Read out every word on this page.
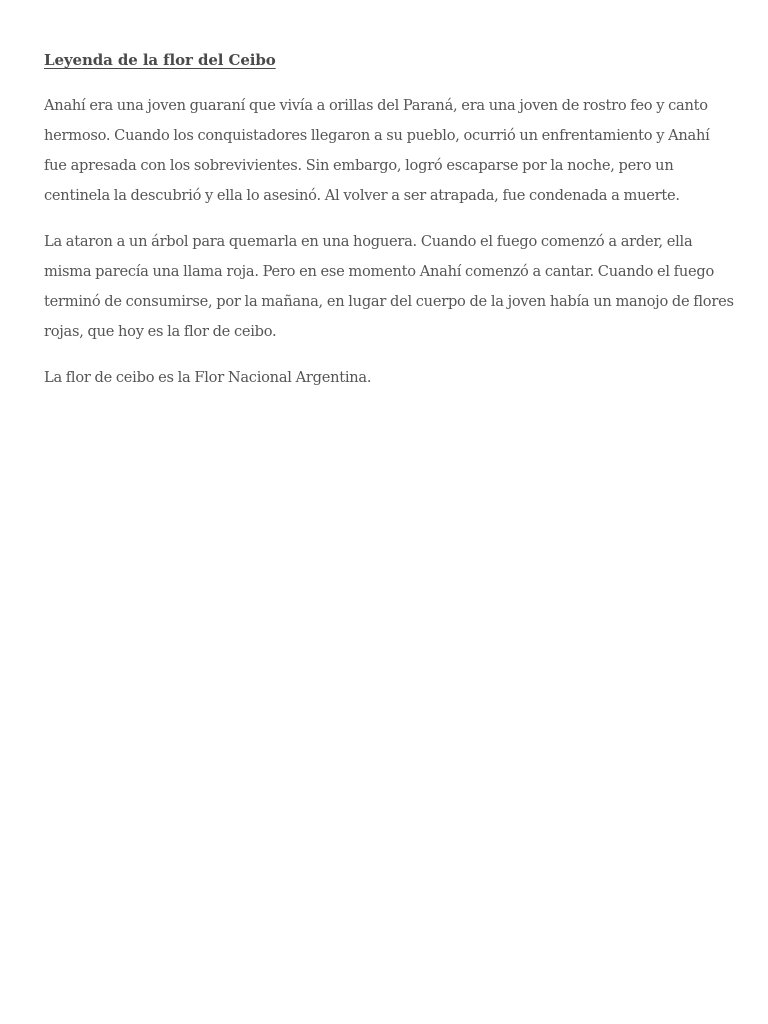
Leyenda de la flor del Ceibo

Anahí era una joven guaraní que vivía a orillas del Paraná, era una joven de rostro feo y canto hermoso. Cuando los conquistadores llegaron a su pueblo, ocurrió un enfrentamiento y Anahí fue apresada con los sobrevivientes. Sin embargo, logró escaparse por la noche, pero un centinela la descubrió y ella lo asesinó. Al volver a ser atrapada, fue condenada a muerte.

La ataron a un árbol para quemarla en una hoguera. Cuando el fuego comenzó a arder, ella misma parecía una llama roja. Pero en ese momento Anahí comenzó a cantar. Cuando el fuego terminó de consumirse, por la mañana, en lugar del cuerpo de la joven había un manojo de flores rojas, que hoy es la flor de ceibo.

La flor de ceibo es la Flor Nacional Argentina.
